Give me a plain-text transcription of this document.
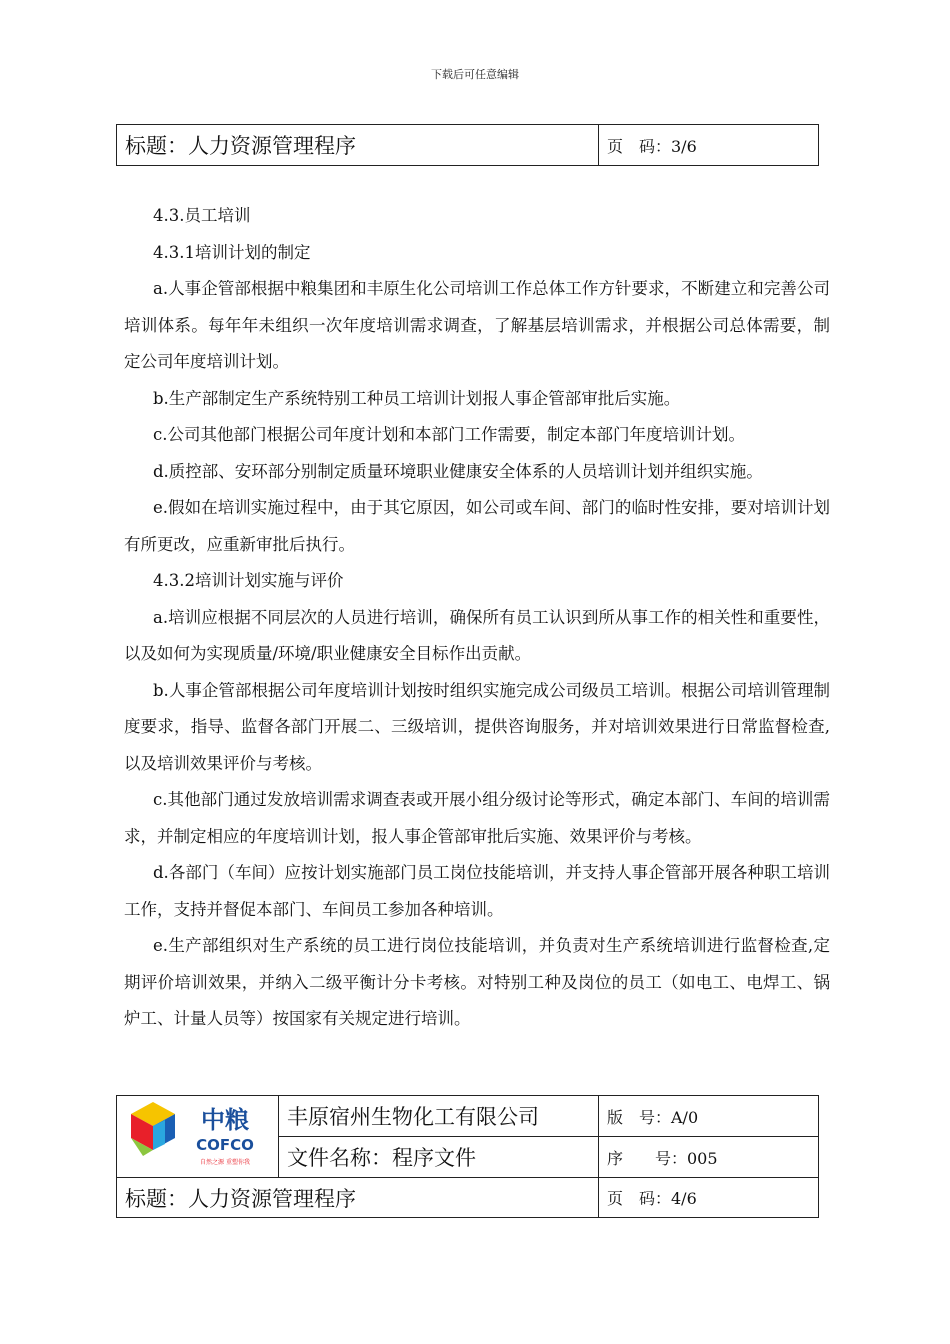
下载后可任意编辑
标题：人力资源管理程序	页　码：3/6

4.3.员工培训

4.3.1培训计划的制定

a.人事企管部根据中粮集团和丰原生化公司培训工作总体工作方针要求，不断建立和完善公司培训体系。每年年未组织一次年度培训需求调查，了解基层培训需求，并根据公司总体需要，制定公司年度培训计划。

b.生产部制定生产系统特别工种员工培训计划报人事企管部审批后实施。

c.公司其他部门根据公司年度计划和本部门工作需要，制定本部门年度培训计划。

d.质控部、安环部分别制定质量环境职业健康安全体系的人员培训计划并组织实施。

e.假如在培训实施过程中，由于其它原因，如公司或车间、部门的临时性安排，要对培训计划有所更改，应重新审批后执行。

4.3.2培训计划实施与评价

a.培训应根据不同层次的人员进行培训，确保所有员工认识到所从事工作的相关性和重要性，以及如何为实现质量/环境/职业健康安全目标作出贡献。

b.人事企管部根据公司年度培训计划按时组织实施完成公司级员工培训。根据公司培训管理制度要求，指导、监督各部门开展二、三级培训，提供咨询服务，并对培训效果进行日常监督检查,以及培训效果评价与考核。

c.其他部门通过发放培训需求调查表或开展小组分级讨论等形式，确定本部门、车间的培训需求，并制定相应的年度培训计划，报人事企管部审批后实施、效果评价与考核。

d.各部门（车间）应按计划实施部门员工岗位技能培训，并支持人事企管部开展各种职工培训工作，支持并督促本部门、车间员工参加各种培训。

e.生产部组织对生产系统的员工进行岗位技能培训，并负责对生产系统培训进行监督检查,定期评价培训效果，并纳入二级平衡计分卡考核。对特别工种及岗位的员工（如电工、电焊工、锅炉工、计量人员等）按国家有关规定进行培训。

中粮
COFCO
自然之源 重塑你我	丰原宿州生物化工有限公司	版　号：A/0
	文件名称：程序文件	序　　号：005
标题：人力资源管理程序		页　码：4/6
